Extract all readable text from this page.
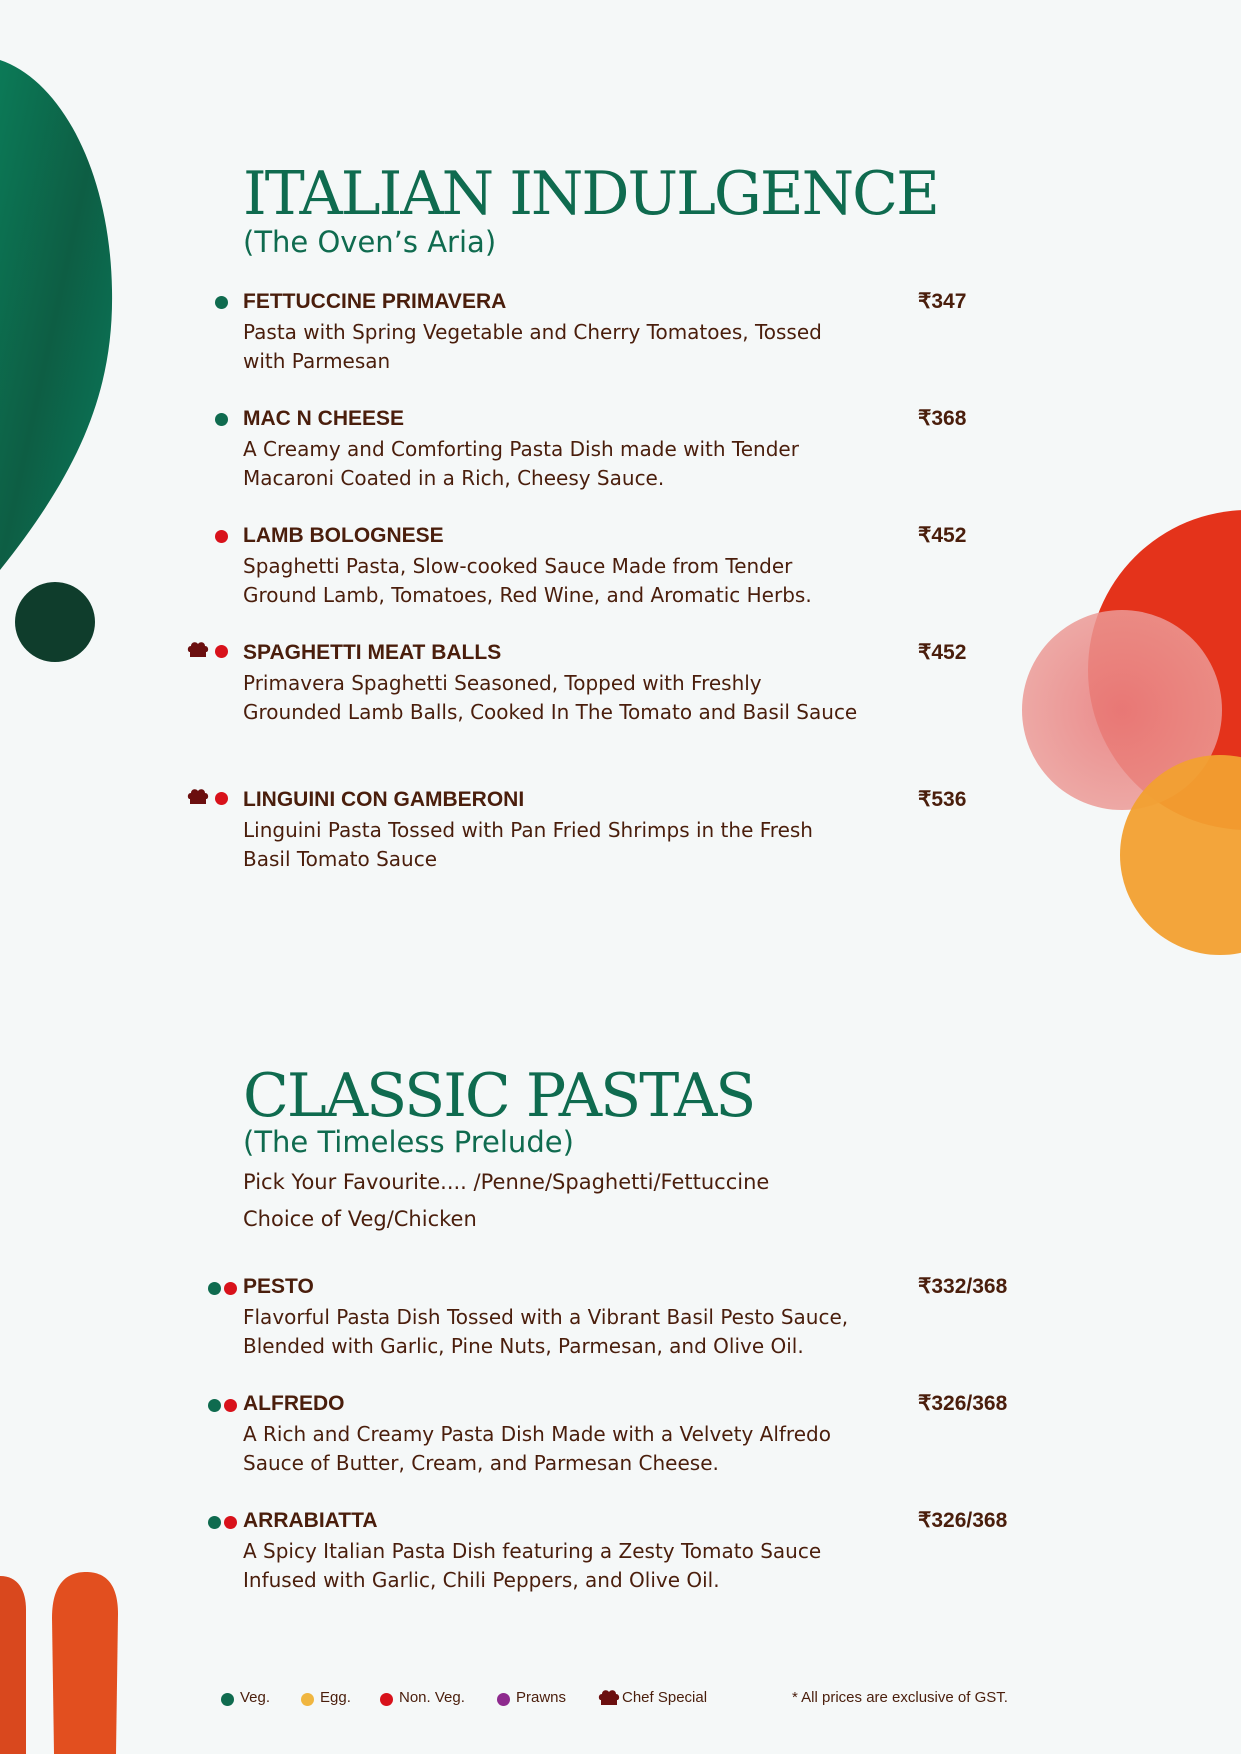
ITALIAN INDULGENCE

(The Oven’s Aria)

FETTUCCINE PRIMAVERA
Pasta with Spring Vegetable and Cherry Tomatoes, Tossed with Parmesan
₹347
MAC N CHEESE
A Creamy and Comforting Pasta Dish made with Tender Macaroni Coated in a Rich, Cheesy Sauce.
₹368
LAMB BOLOGNESE
Spaghetti Pasta, Slow-cooked Sauce Made from Tender Ground Lamb, Tomatoes, Red Wine, and Aromatic Herbs.
₹452
SPAGHETTI MEAT BALLS
Primavera Spaghetti Seasoned, Topped with Freshly Grounded Lamb Balls, Cooked In The Tomato and Basil Sauce
₹452
LINGUINI CON GAMBERONI
Linguini Pasta Tossed with Pan Fried Shrimps in the Fresh Basil Tomato Sauce
₹536
CLASSIC PASTAS

(The Timeless Prelude)

Pick Your Favourite.... /Penne/Spaghetti/Fettuccine

Choice of Veg/Chicken

PESTO
Flavorful Pasta Dish Tossed with a Vibrant Basil Pesto Sauce, Blended with Garlic, Pine Nuts, Parmesan, and Olive Oil.
₹332/368
ALFREDO
A Rich and Creamy Pasta Dish Made with a Velvety Alfredo Sauce of Butter, Cream, and Parmesan Cheese.
₹326/368
ARRABIATTA
A Spicy Italian Pasta Dish featuring a Zesty Tomato Sauce Infused with Garlic, Chili Peppers, and Olive Oil.
₹326/368
Veg.	Egg.	Non. Veg.	Prawns	Chef Special	* All prices are exclusive of GST.
